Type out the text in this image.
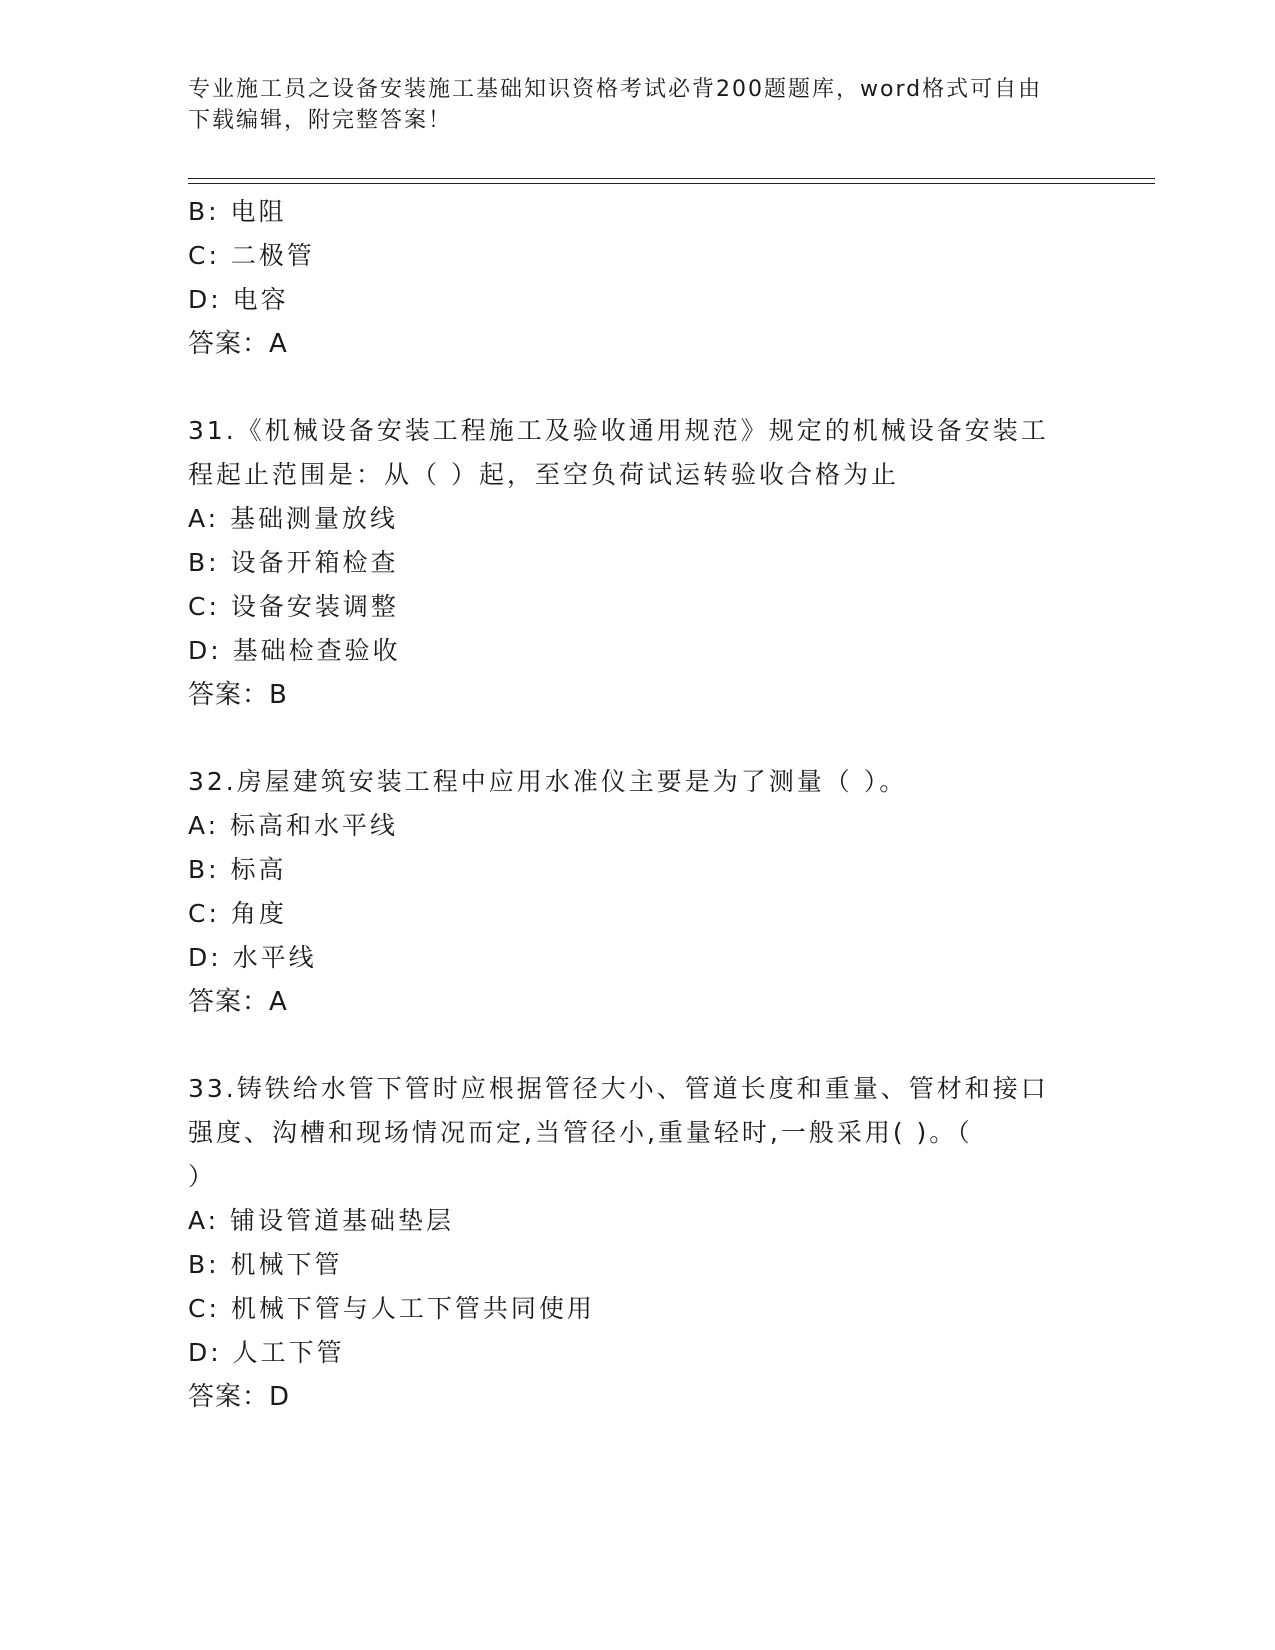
专业施工员之设备安装施工基础知识资格考试必背200题题库，word格式可自由
下载编辑，附完整答案！
B: 电阻
C: 二极管
D: 电容
答案：A
31.《机械设备安装工程施工及验收通用规范》规定的机械设备安装工
程起止范围是：从（ ）起，至空负荷试运转验收合格为止
A: 基础测量放线
B: 设备开箱检查
C: 设备安装调整
D: 基础检查验收
答案：B
32.房屋建筑安装工程中应用水准仪主要是为了测量（ ）。
A: 标高和水平线
B: 标高
C: 角度
D: 水平线
答案：A
33.铸铁给水管下管时应根据管径大小、管道长度和重量、管材和接口
强度、沟槽和现场情况而定,当管径小,重量轻时,一般采用( )。（
）
A: 铺设管道基础垫层
B: 机械下管
C: 机械下管与人工下管共同使用
D: 人工下管
答案：D
